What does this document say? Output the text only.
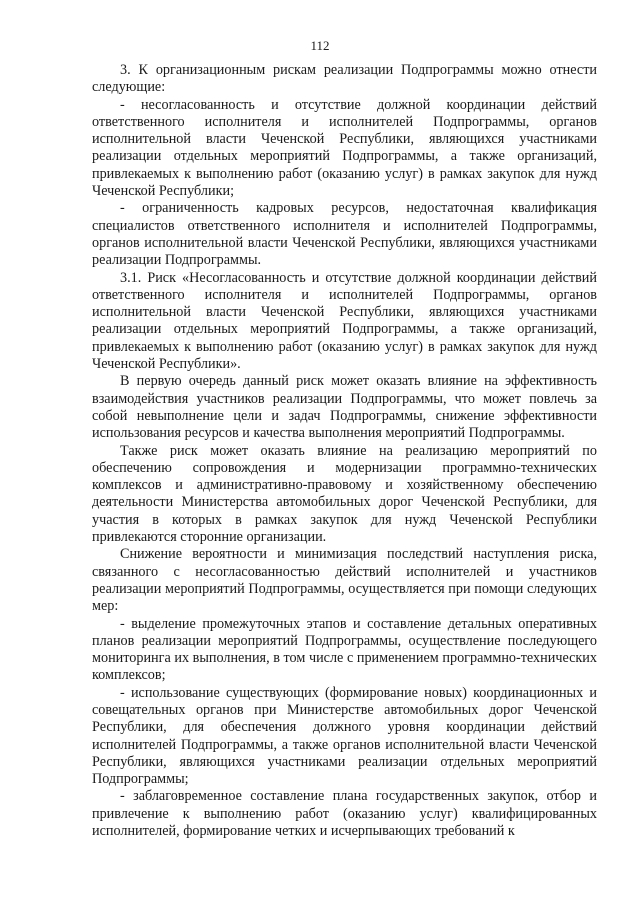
112

3. К организационным рискам реализации Подпрограммы можно отнести следующие:

- несогласованность и отсутствие должной координации действий ответственного исполнителя и исполнителей Подпрограммы, органов исполнительной власти Чеченской Республики, являющихся участниками реализации отдельных мероприятий Подпрограммы, а также организаций, привлекаемых к выполнению работ (оказанию услуг) в рамках закупок для нужд Чеченской Республики;

- ограниченность кадровых ресурсов, недостаточная квалификация специалистов ответственного исполнителя и исполнителей Подпрограммы, органов исполнительной власти Чеченской Республики, являющихся участниками реализации Подпрограммы.

3.1. Риск «Несогласованность и отсутствие должной координации действий ответственного исполнителя и исполнителей Подпрограммы, органов исполнительной власти Чеченской Республики, являющихся участниками реализации отдельных мероприятий Подпрограммы, а также организаций, привлекаемых к выполнению работ (оказанию услуг) в рамках закупок для нужд Чеченской Республики».

В первую очередь данный риск может оказать влияние на эффективность взаимодействия участников реализации Подпрограммы, что может повлечь за собой невыполнение цели и задач Подпрограммы, снижение эффективности использования ресурсов и качества выполнения мероприятий Подпрограммы.

Также риск может оказать влияние на реализацию мероприятий по обеспечению сопровождения и модернизации программно-технических комплексов и административно-правовому и хозяйственному обеспечению деятельности Министерства автомобильных дорог Чеченской Республики, для участия в которых в рамках закупок для нужд Чеченской Республики привлекаются сторонние организации.

Снижение вероятности и минимизация последствий наступления риска, связанного с несогласованностью действий исполнителей и участников реализации мероприятий Подпрограммы, осуществляется при помощи следующих мер:

- выделение промежуточных этапов и составление детальных оперативных планов реализации мероприятий Подпрограммы, осуществление последующего мониторинга их выполнения, в том числе с применением программно-технических комплексов;

- использование существующих (формирование новых) координационных и совещательных органов при Министерстве автомобильных дорог Чеченской Республики, для обеспечения должного уровня координации действий исполнителей Подпрограммы, а также органов исполнительной власти Чеченской Республики, являющихся участниками реализации отдельных мероприятий Подпрограммы;

- заблаговременное составление плана государственных закупок, отбор и привлечение к выполнению работ (оказанию услуг) квалифицированных исполнителей, формирование четких и исчерпывающих требований к
